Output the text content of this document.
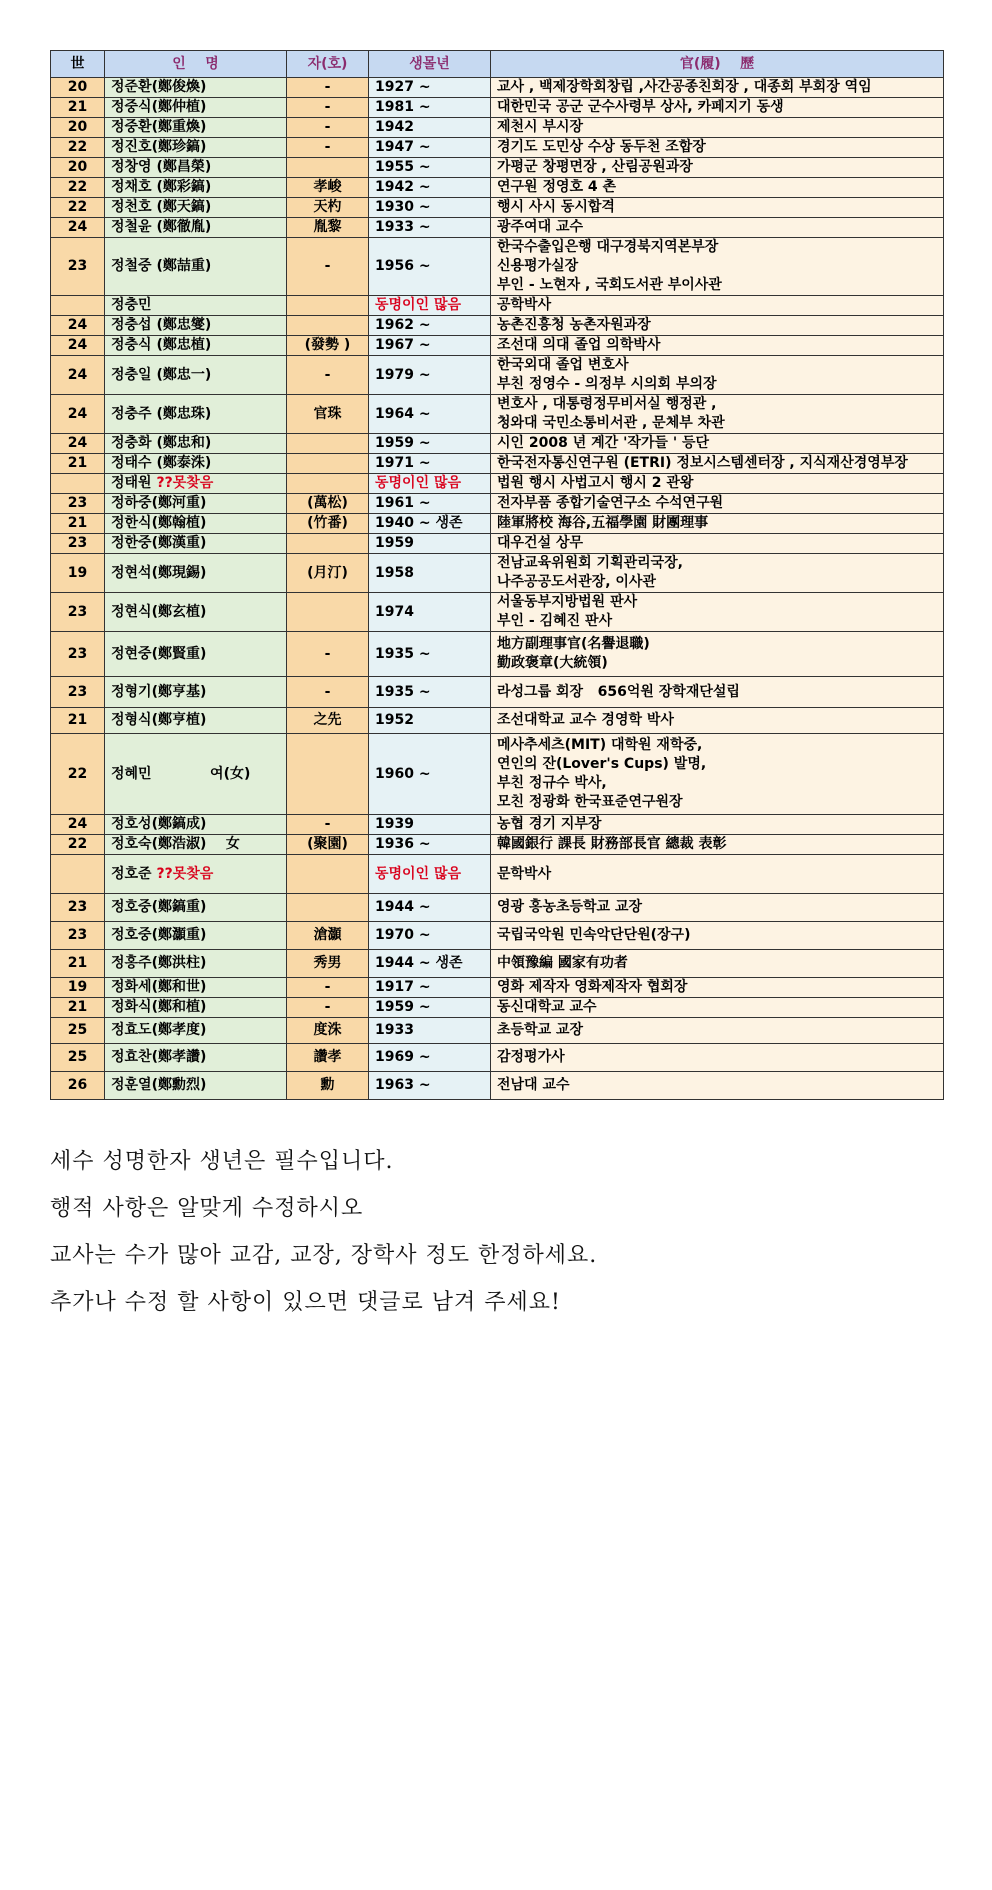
世	인    명	자(호)	생몰년	官(履)    歷
20	정준환(鄭俊煥)	-	1927 ~	교사 , 백제장학회창립 ,사간공종친회장 , 대종회 부회장 역임

21	정중식(鄭仲植)	-	1981 ~	대한민국 공군 군수사령부 상사, 카페지기 동생

20	정중환(鄭重煥)	-	1942	제천시 부시장

22	정진호(鄭珍鎬)	-	1947 ~	경기도 도민상 수상 동두천 조합장

20	정창영 (鄭昌榮)		1955 ~	가평군 창평면장 , 산림공원과장

22	정채호 (鄭彩鎬)	孝峻	1942 ~	연구원 정영호 4 촌

22	정천호 (鄭天鎬)	天杓	1930 ~	행시 사시 동시합격

24	정철윤 (鄭徹胤)	胤黎	1933 ~	광주여대 교수

23	정철중 (鄭喆重)	-	1956 ~	한국수출입은행 대구경북지역본부장
신용평가실장
부인 - 노현자 , 국회도서관 부이사관

	정충민		동명이인 많음	공학박사

24	정충섭 (鄭忠燮)		1962 ~	농촌진흥청 농촌자원과장

24	정충식 (鄭忠植)	(發勢 )	1967 ~	조선대 의대 졸업 의학박사

24	정충일 (鄭忠一)	-	1979 ~	한국외대 졸업 변호사
부친 정영수 - 의정부 시의회 부의장

24	정충주 (鄭忠珠)	官珠	1964 ~	변호사 , 대통령정무비서실 행정관 ,
청와대 국민소통비서관 , 문체부 차관

24	정충화 (鄭忠和)		1959 ~	시인 2008 년 계간 '작가들 ' 등단

21	정태수 (鄭泰洙)		1971 ~	한국전자통신연구원 (ETRI) 정보시스템센터장 , 지식재산경영부장

	정태원 ??못찾음		동명이인 많음	법원 행시 사법고시 행시 2 관왕

23	정하중(鄭河重)	(萬松)	1961 ~	전자부품 종합기술연구소 수석연구원

21	정한식(鄭翰植)	(竹番)	1940 ~ 생존	陸軍將校 海谷,五福學園 財團理事

23	정한중(鄭漢重)		1959	대우건설 상무

19	정현석(鄭現錫)	(月汀)	1958	전남교육위원회 기획관리국장,
나주공공도서관장, 이사관

23	정현식(鄭玄植)		1974	서울동부지방법원 판사
부인 - 김혜진 판사

23	정현중(鄭賢重)	-	1935 ~	地方副理事官(名譽退職)
勤政褒章(大統領)

23	정형기(鄭亨基)	-	1935 ~	라성그룹 회장   656억원 장학재단설립

21	정형식(鄭亨植)	之先	1952	조선대학교 교수 경영학 박사

22	정혜민            여(女)		1960 ~	메사추세츠(MIT) 대학원 재학중,
연인의 잔(Lover's Cups) 발명,
부친 정규수 박사,
모친 정광화 한국표준연구원장

24	정호성(鄭鎬成)	-	1939	농협 경기 지부장

22	정호숙(鄭浩淑)    女	(聚園)	1936 ~	韓國銀行 課長 財務部長官 總裁 表彰

	정호준 ??못찾음		동명이인 많음	문학박사

23	정호중(鄭鎬重)		1944 ~	영광 홍농초등학교 교장

23	정호중(鄭灝重)	滄灝	1970 ~	국립국악원 민속악단단원(장구)

21	정홍주(鄭洪柱)	秀男	1944 ~ 생존	中領豫編 國家有功者

19	정화세(鄭和世)	-	1917 ~	영화 제작자 영화제작자 협회장

21	정화식(鄭和植)	-	1959 ~	동신대학교 교수

25	정효도(鄭孝度)	度洙	1933	초등학교 교장

25	정효찬(鄭孝讚)	讚孝	1969 ~	감정평가사

26	정훈열(鄭勳烈)	勳	1963 ~	전남대 교수

세수 성명한자 생년은 필수입니다.

행적 사항은 알맞게 수정하시오

교사는 수가 많아 교감, 교장, 장학사 정도 한정하세요.

추가나 수정 할 사항이 있으면 댓글로 남겨 주세요!
